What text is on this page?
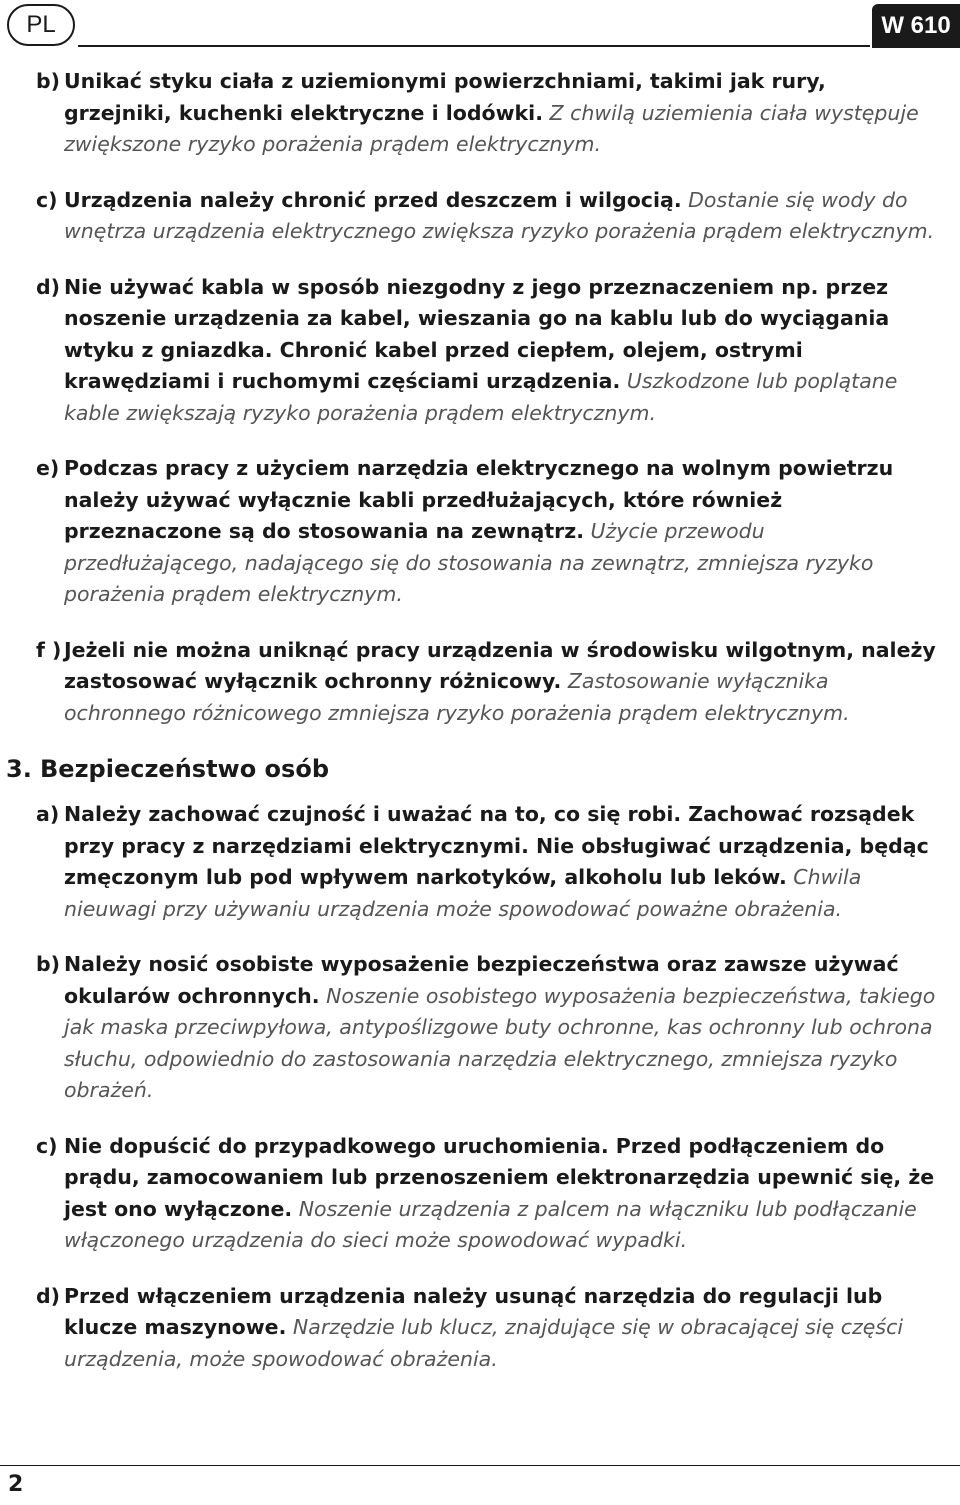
PL	W 610
b) Unikać styku ciała z uziemionymi powierzchniami, takimi jak rury, grzejniki, kuchenki elektryczne i lodówki. Z chwilą uziemienia ciała występuje zwiększone ryzyko porażenia prądem elektrycznym.
c) Urządzenia należy chronić przed deszczem i wilgocią. Dostanie się wody do wnętrza urządzenia elektrycznego zwiększa ryzyko porażenia prądem elektrycznym.
d) Nie używać kabla w sposób niezgodny z jego przeznaczeniem np. przez noszenie urządzenia za kabel, wieszania go na kablu lub do wyciągania wtyku z gniazdka. Chronić kabel przed ciepłem, olejem, ostrymi krawędziami i ruchomymi częściami urządzenia. Uszkodzone lub poplątane kable zwiększają ryzyko porażenia prądem elektrycznym.
e) Podczas pracy z użyciem narzędzia elektrycznego na wolnym powietrzu należy używać wyłącznie kabli przedłużających, które również przeznaczone są do stosowania na zewnątrz. Użycie przewodu przedłużającego, nadającego się do stosowania na zewnątrz, zmniejsza ryzyko porażenia prądem elektrycznym.
f ) Jeżeli nie można uniknąć pracy urządzenia w środowisku wilgotnym, należy zastosować wyłącznik ochronny różnicowy. Zastosowanie wyłącznika ochronnego różnicowego zmniejsza ryzyko porażenia prądem elektrycznym.
3. Bezpieczeństwo osób
a) Należy zachować czujność i uważać na to, co się robi. Zachować rozsądek przy pracy z narzędziami elektrycznymi. Nie obsługiwać urządzenia, będąc zmęczonym lub pod wpływem narkotyków, alkoholu lub leków. Chwila nieuwagi przy używaniu urządzenia może spowodować poważne obrażenia.
b) Należy nosić osobiste wyposażenie bezpieczeństwa oraz zawsze używać okularów ochronnych. Noszenie osobistego wyposażenia bezpieczeństwa, takiego jak maska przeciwpyłowa, antypoślizgowe buty ochronne, kas ochronny lub ochrona słuchu, odpowiednio do zastosowania narzędzia elektrycznego, zmniejsza ryzyko obrażeń.
c) Nie dopuścić do przypadkowego uruchomienia. Przed podłączeniem do prądu, zamocowaniem lub przenoszeniem elektronarzędzia upewnić się, że jest ono wyłączone. Noszenie urządzenia z palcem na włączniku lub podłączanie włączonego urządzenia do sieci może spowodować wypadki.
d) Przed włączeniem urządzenia należy usunąć narzędzia do regulacji lub klucze maszynowe. Narzędzie lub klucz, znajdujące się w obracającej się części urządzenia, może spowodować obrażenia.
2
